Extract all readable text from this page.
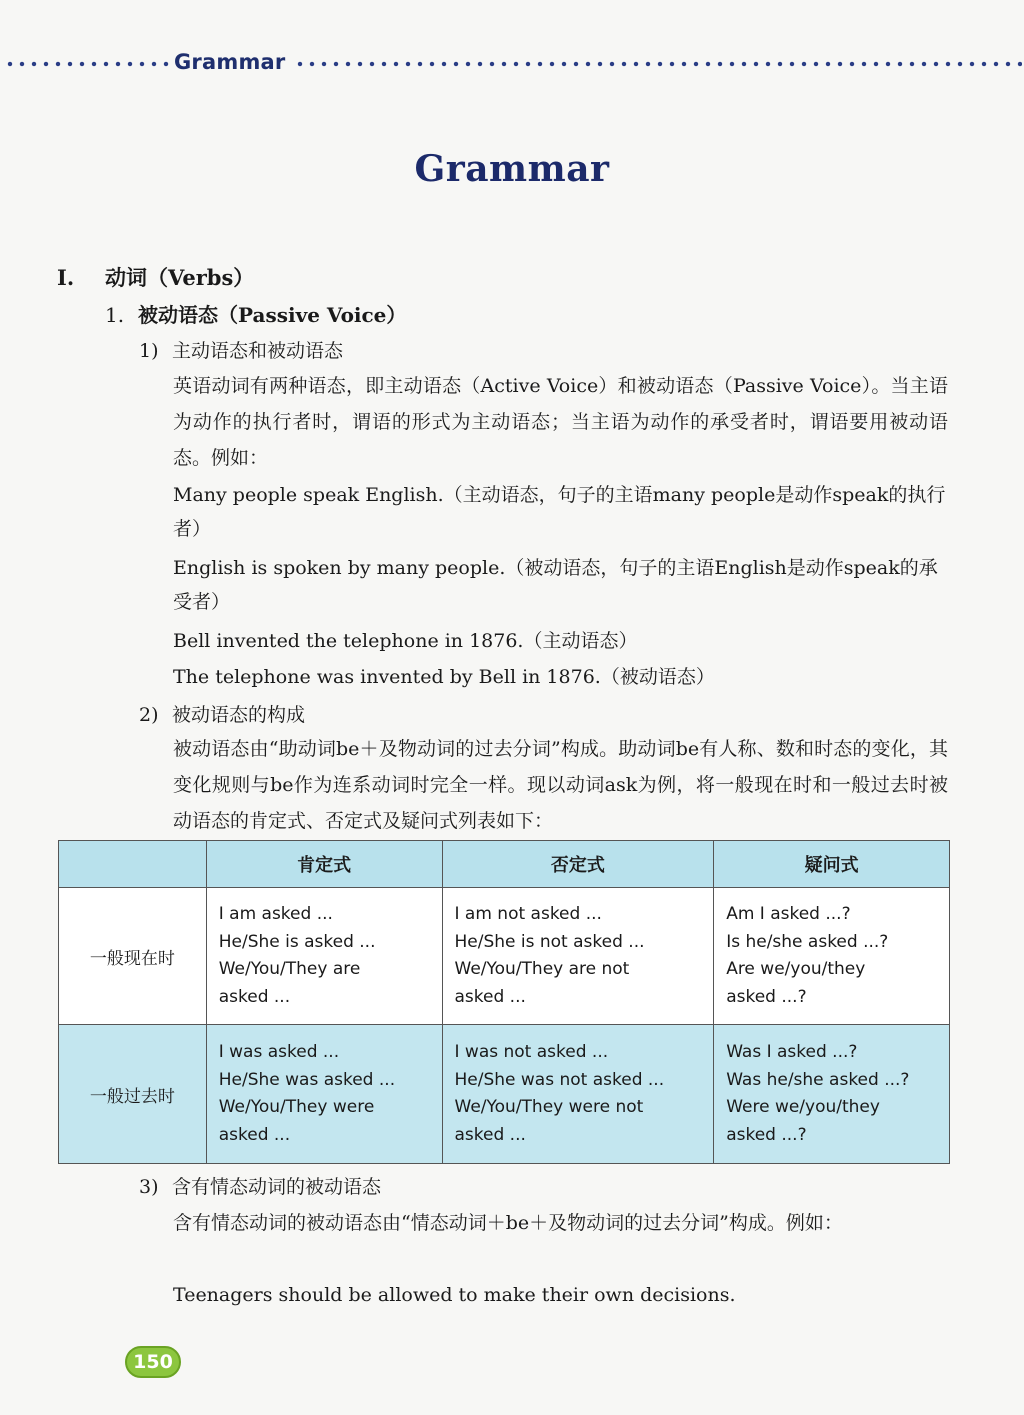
Grammar
Grammar
I. 动词（Verbs）
1. 被动语态（Passive Voice）
1) 主动语态和被动语态
英语动词有两种语态，即主动语态（Active Voice）和被动语态（Passive Voice）。当主语为动作的执行者时，谓语的形式为主动语态；当主语为动作的承受者时，谓语要用被动语态。例如：
Many people speak English.（主动语态，句子的主语many people是动作speak的执行者）
English is spoken by many people.（被动语态，句子的主语English是动作speak的承受者）
Bell invented the telephone in 1876.（主动语态）
The telephone was invented by Bell in 1876.（被动语态）
2) 被动语态的构成
被动语态由“助动词be＋及物动词的过去分词”构成。助动词be有人称、数和时态的变化，其变化规则与be作为连系动词时完全一样。现以动词ask为例，将一般现在时和一般过去时被动语态的肯定式、否定式及疑问式列表如下：
	肯定式	否定式	疑问式
一般现在时	I am asked ...
He/She is asked ...
We/You/They are
asked ...	I am not asked ...
He/She is not asked ...
We/You/They are not
asked ...	Am I asked ...?
Is he/she asked ...?
Are we/you/they
asked ...?
一般过去时	I was asked ...
He/She was asked ...
We/You/They were
asked ...	I was not asked ...
He/She was not asked ...
We/You/They were not
asked ...	Was I asked ...?
Was he/she asked ...?
Were we/you/they
asked ...?
3) 含有情态动词的被动语态
含有情态动词的被动语态由“情态动词＋be＋及物动词的过去分词”构成。例如：
Teenagers should be allowed to make their own decisions.
150
